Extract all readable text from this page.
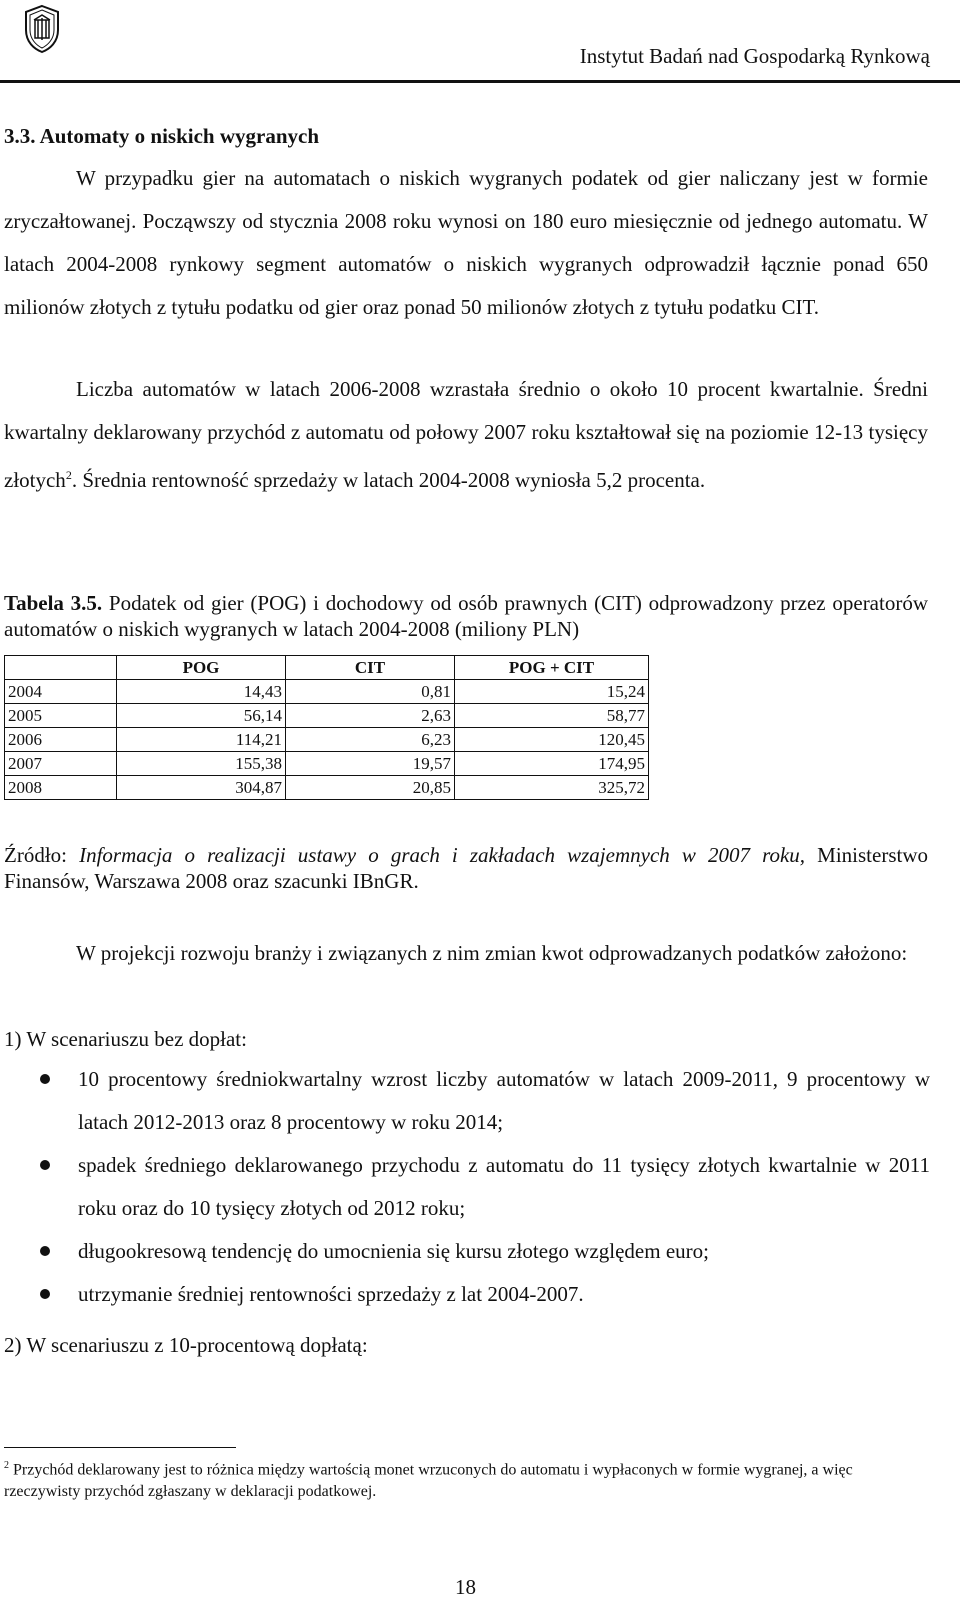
Instytut Badań nad Gospodarką Rynkową
3.3. Automaty o niskich wygranych

W przypadku gier na automatach o niskich wygranych podatek od gier naliczany jest w formie zryczałtowanej. Począwszy od stycznia 2008 roku wynosi on 180 euro miesięcznie od jednego automatu. W latach 2004-2008 rynkowy segment automatów o niskich wygranych odprowadził łącznie ponad 650 milionów złotych z tytułu podatku od gier oraz ponad 50 milionów złotych z tytułu podatku CIT.

Liczba automatów w latach 2006-2008 wzrastała średnio o około 10 procent kwartalnie. Średni kwartalny deklarowany przychód z automatu od połowy 2007 roku kształtował się na poziomie 12-13 tysięcy złotych$^2$. Średnia rentowność sprzedaży w latach 2004-2008 wyniosła 5,2 procenta.

Tabela 3.5. Podatek od gier (POG) i dochodowy od osób prawnych (CIT) odprowadzony przez operatorów automatów o niskich wygranych w latach 2004-2008 (miliony PLN)

	POG	CIT	POG + CIT
2004	14,43	0,81	15,24
2005	56,14	2,63	58,77
2006	114,21	6,23	120,45
2007	155,38	19,57	174,95
2008	304,87	20,85	325,72

Źródło: Informacja o realizacji ustawy o grach i zakładach wzajemnych w 2007 roku, Ministerstwo Finansów, Warszawa 2008 oraz szacunki IBnGR.

W projekcji rozwoju branży i związanych z nim zmian kwot odprowadzanych podatków założono:

1) W scenariuszu bez dopłat:
10 procentowy średniokwartalny wzrost liczby automatów w latach 2009-2011, 9 procentowy w latach 2012-2013 oraz 8 procentowy w roku 2014;
spadek średniego deklarowanego przychodu z automatu do 11 tysięcy złotych kwartalnie w 2011 roku oraz do 10 tysięcy złotych od 2012 roku;
długookresową tendencję do umocnienia się kursu złotego względem euro;
utrzymanie średniej rentowności sprzedaży z lat 2004-2007.
2) W scenariuszu z 10-procentową dopłatą:

$^2$ Przychód deklarowany jest to różnica między wartością monet wrzuconych do automatu i wypłaconych w formie wygranej, a więc rzeczywisty przychód zgłaszany w deklaracji podatkowej.

18
